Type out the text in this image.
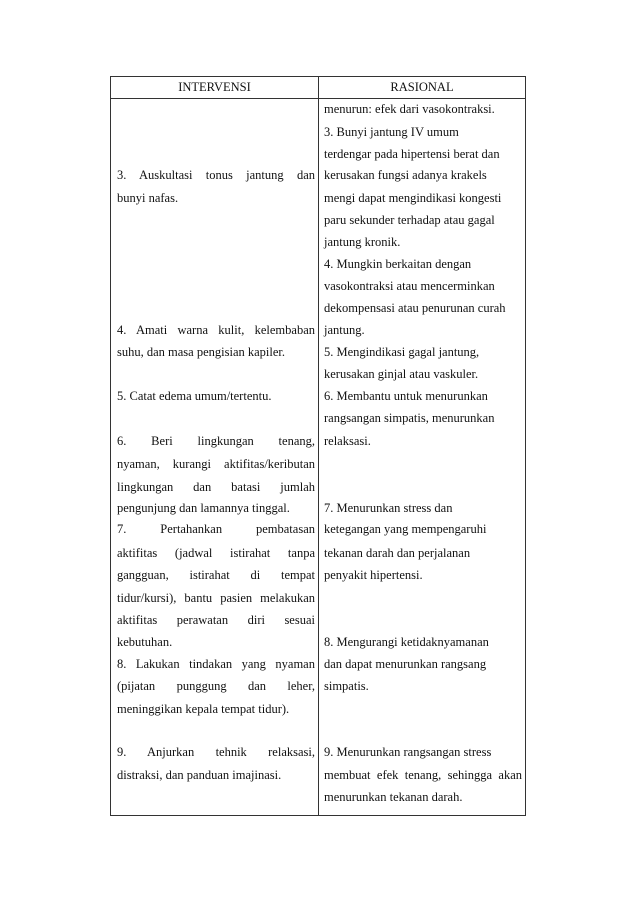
INTERVENSI	RASIONAL
3. Auskultasi tonus jantung dan
bunyi nafas.
4. Amati warna kulit, kelembaban
suhu, dan masa pengisian kapiler.
5. Catat edema umum/tertentu.
6. Beri lingkungan tenang,
nyaman, kurangi aktifitas/keributan
lingkungan dan batasi jumlah
pengunjung dan lamannya tinggal.
7. Pertahankan pembatasan
aktifitas (jadwal istirahat tanpa
gangguan, istirahat di tempat
tidur/kursi), bantu pasien melakukan
aktifitas perawatan diri sesuai
kebutuhan.
8. Lakukan tindakan yang nyaman
(pijatan punggung dan leher,
meninggikan kepala tempat tidur).
9. Anjurkan tehnik relaksasi,
distraksi, dan panduan imajinasi.
menurun: efek dari vasokontraksi.
3. Bunyi jantung IV umum
terdengar pada hipertensi berat dan
kerusakan fungsi adanya krakels
mengi dapat mengindikasi kongesti
paru sekunder terhadap atau gagal
jantung kronik.
4. Mungkin berkaitan dengan
vasokontraksi atau mencerminkan
dekompensasi atau penurunan curah
jantung.
5. Mengindikasi gagal jantung,
kerusakan ginjal atau vaskuler.
6. Membantu untuk menurunkan
rangsangan simpatis, menurunkan
relaksasi.
7. Menurunkan stress dan
ketegangan yang mempengaruhi
tekanan darah dan perjalanan
penyakit hipertensi.
8. Mengurangi ketidaknyamanan
dan dapat menurunkan rangsang
simpatis.
9. Menurunkan rangsangan stress
membuat efek tenang, sehingga akan
menurunkan tekanan darah.
